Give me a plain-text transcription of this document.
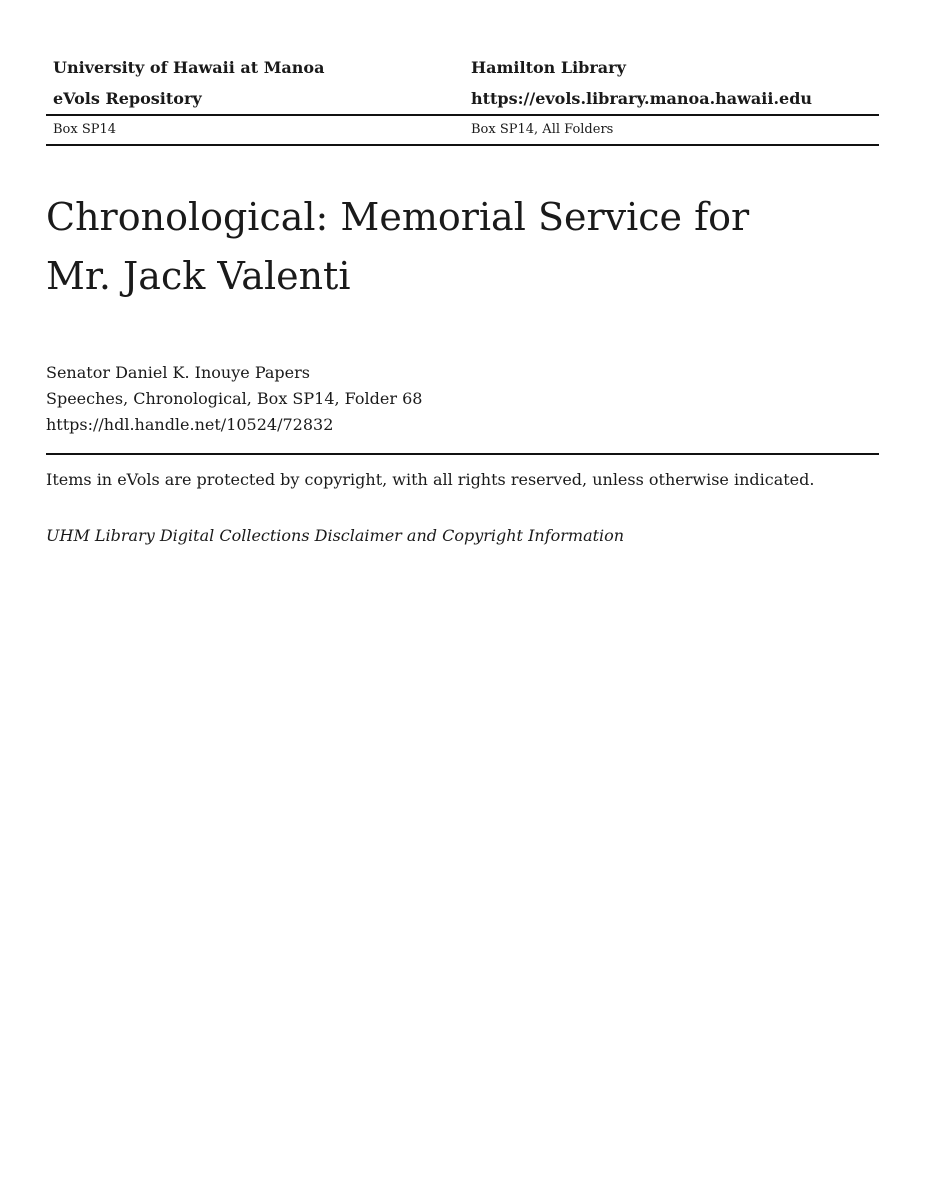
University of Hawaii at Manoa	Hamilton Library
eVols Repository	https://evols.library.manoa.hawaii.edu
Box SP14	Box SP14, All Folders
Chronological: Memorial Service for
Mr. Jack Valenti
Senator Daniel K. Inouye Papers
Speeches, Chronological, Box SP14, Folder 68
https://hdl.handle.net/10524/72832
Items in eVols are protected by copyright, with all rights reserved, unless otherwise indicated.
UHM Library Digital Collections Disclaimer and Copyright Information
